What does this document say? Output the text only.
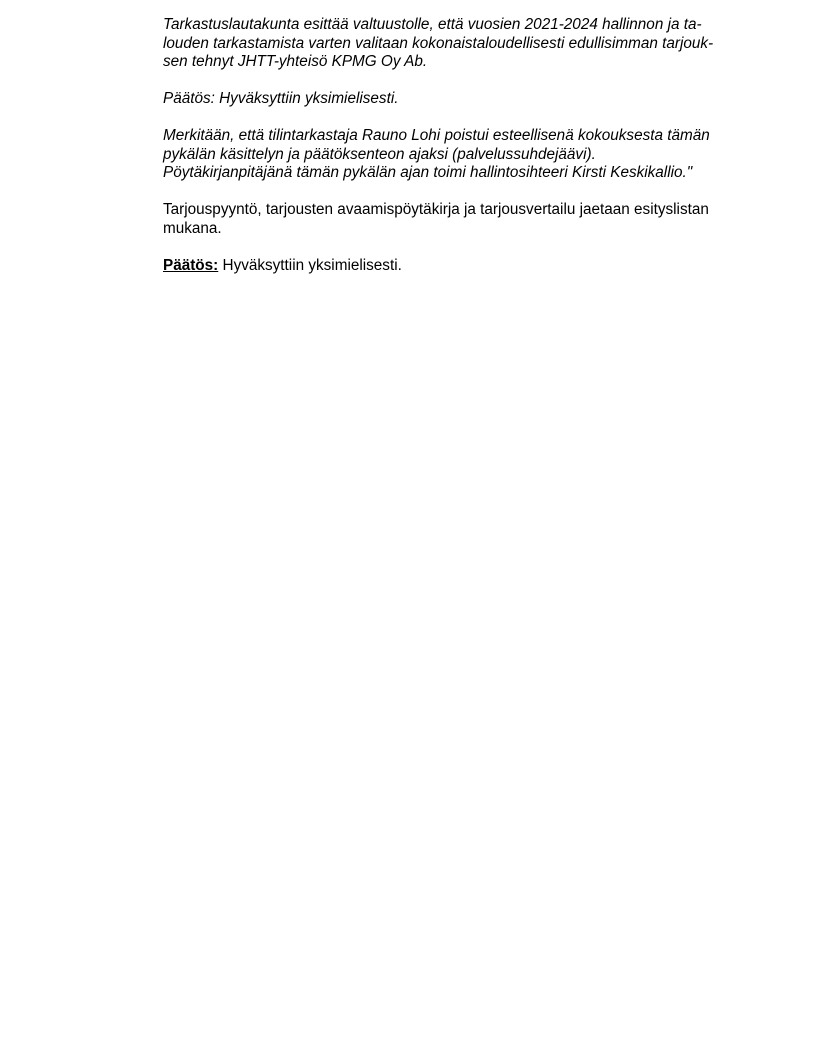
Tarkastuslautakunta esittää valtuustolle, että vuosien 2021-2024 hallinnon ja ta-
louden tarkastamista varten valitaan kokonaistaloudellisesti edullisimman tarjouk-
sen tehnyt JHTT-yhteisö KPMG Oy Ab.

Päätös: Hyväksyttiin yksimielisesti.

Merkitään, että tilintarkastaja Rauno Lohi poistui esteellisenä kokouksesta tämän
pykälän käsittelyn ja päätöksenteon ajaksi (palvelussuhdejäävi).
Pöytäkirjanpitäjänä tämän pykälän ajan toimi hallintosihteeri Kirsti Keskikallio."

Tarjouspyyntö, tarjousten avaamispöytäkirja ja tarjousvertailu jaetaan esityslistan
mukana.

Päätös: Hyväksyttiin yksimielisesti.
